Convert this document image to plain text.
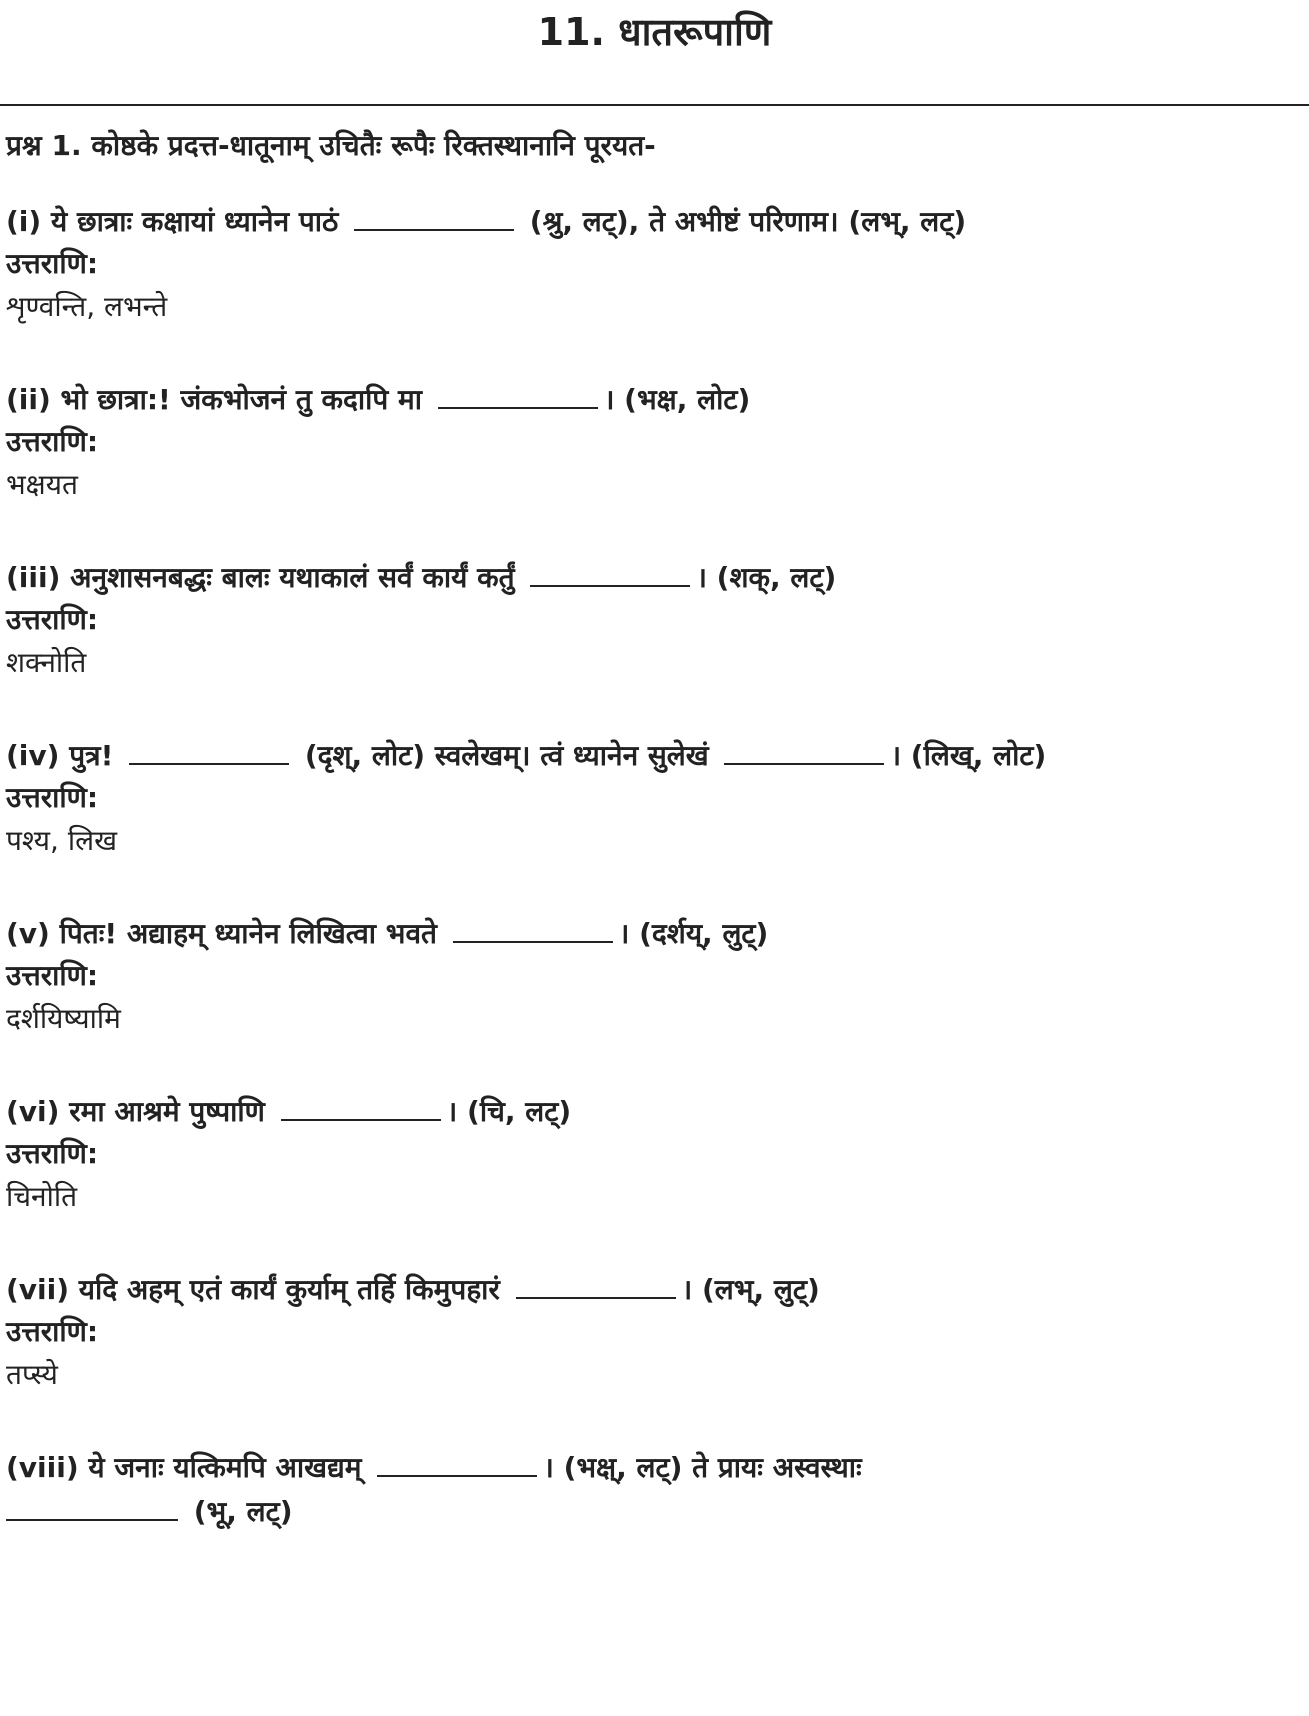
11. धातरूपाणि
प्रश्न 1. कोष्ठके प्रदत्त-धातूनाम् उचितैः रूपैः रिक्तस्थानानि पूरयत-
(i) ये छात्राः कक्षायां ध्यानेन पाठं	(श्रु, लट्), ते अभीष्टं परिणाम। (लभ्, लट्)
उत्तराणि:
शृण्वन्ति, लभन्ते
(ii) भो छात्रा:! जंकभोजनं तु कदापि मा	। (भक्ष, लोट)
उत्तराणि:
भक्षयत
(iii) अनुशासनबद्धः बालः यथाकालं सर्वं कार्यं कर्तुं	। (शक्, लट्)
उत्तराणि:
शक्नोति
(iv) पुत्र!	(दृश्, लोट) स्वलेखम्। त्वं ध्यानेन सुलेखं	। (लिख्, लोट)
उत्तराणि:
पश्य, लिख
(v) पितः! अद्याहम् ध्यानेन लिखित्वा भवते	। (दर्शय्, लुट्)
उत्तराणि:
दर्शयिष्यामि
(vi) रमा आश्रमे पुष्पाणि	। (चि, लट्)
उत्तराणि:
चिनोति
(vii) यदि अहम् एतं कार्यं कुर्याम् तर्हि किमुपहारं	। (लभ्, लुट्)
उत्तराणि:
तप्स्ये
(viii) ये जनाः यत्किमपि आखद्यम्	। (भक्ष्, लट्) ते प्रायः अस्वस्थाः
(भू, लट्)
